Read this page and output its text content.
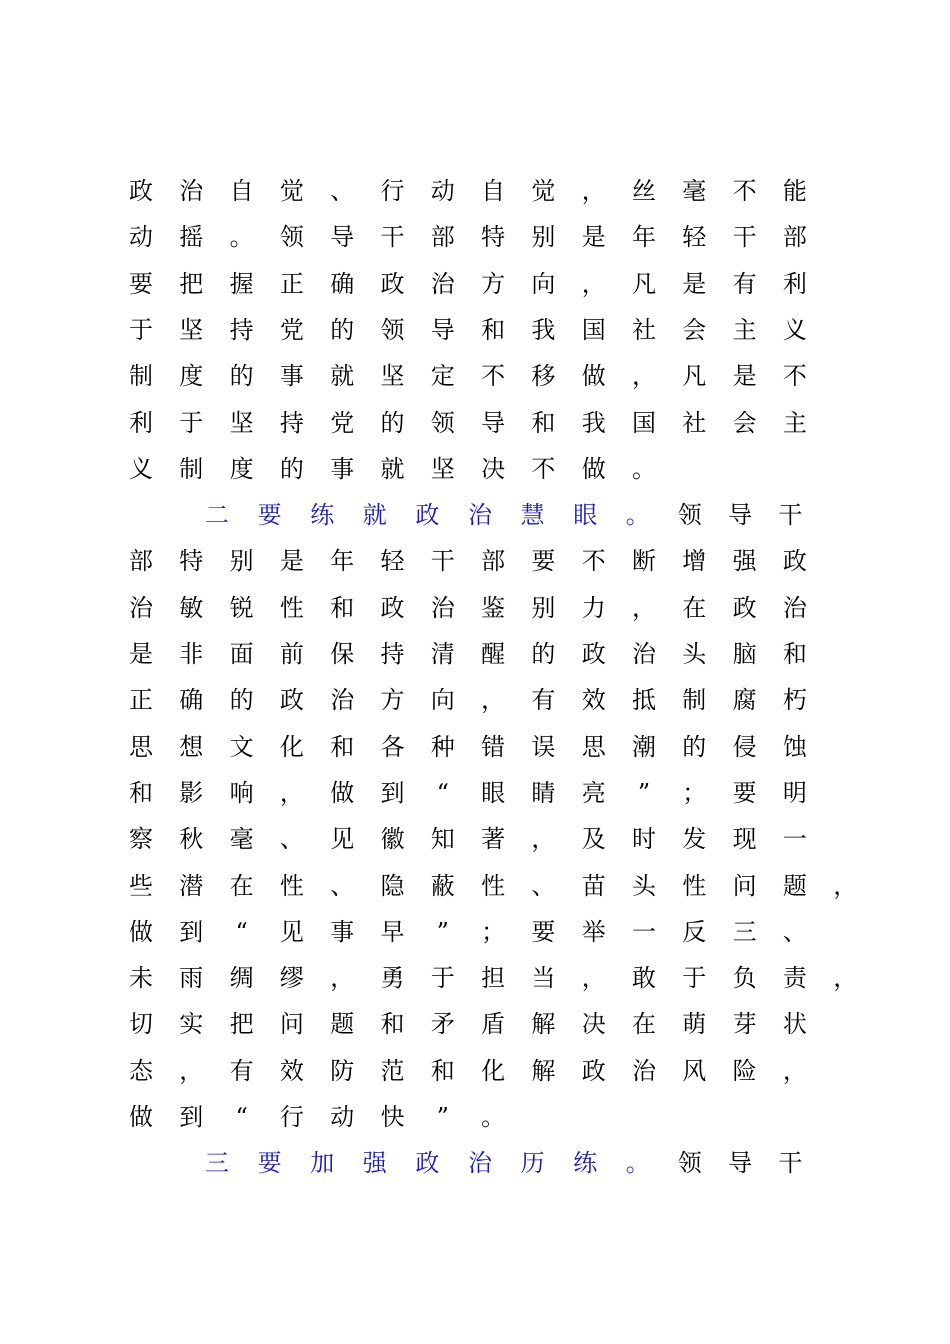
政 治 自 觉 、 行 动 自 觉 ， 丝 毫 不 能
动 摇 。 领 导 干 部 特 别 是 年 轻 干 部
要 把 握 正 确 政 治 方 向 ， 凡 是 有 利
于 坚 持 党 的 领 导 和 我 国 社 会 主 义
制 度 的 事 就 坚 定 不 移 做 ， 凡 是 不
利 于 坚 持 党 的 领 导 和 我 国 社 会 主
义 制 度 的 事 就 坚 决 不 做 。
二 要 练 就 政 治 慧 眼 。 领 导 干
部 特 别 是 年 轻 干 部 要 不 断 增 强 政
治 敏 锐 性 和 政 治 鉴 别 力 ， 在 政 治
是 非 面 前 保 持 清 醒 的 政 治 头 脑 和
正 确 的 政 治 方 向 ， 有 效 抵 制 腐 朽
思 想 文 化 和 各 种 错 误 思 潮 的 侵 蚀
和 影 响 ， 做 到 “ 眼 睛 亮 ” ； 要 明
察 秋 毫 、 见 徽 知 著 ， 及 时 发 现 一
些 潜 在 性 、 隐 蔽 性 、 苗 头 性 问 题 ，
做 到 “ 见 事 早 ” ； 要 举 一 反 三 、
未 雨 绸 缪 ， 勇 于 担 当 ， 敢 于 负 责 ，
切 实 把 问 题 和 矛 盾 解 决 在 萌 芽 状
态 ， 有 效 防 范 和 化 解 政 治 风 险 ，
做 到 “ 行 动 快 ” 。
三 要 加 强 政 治 历 练 。 领 导 干
